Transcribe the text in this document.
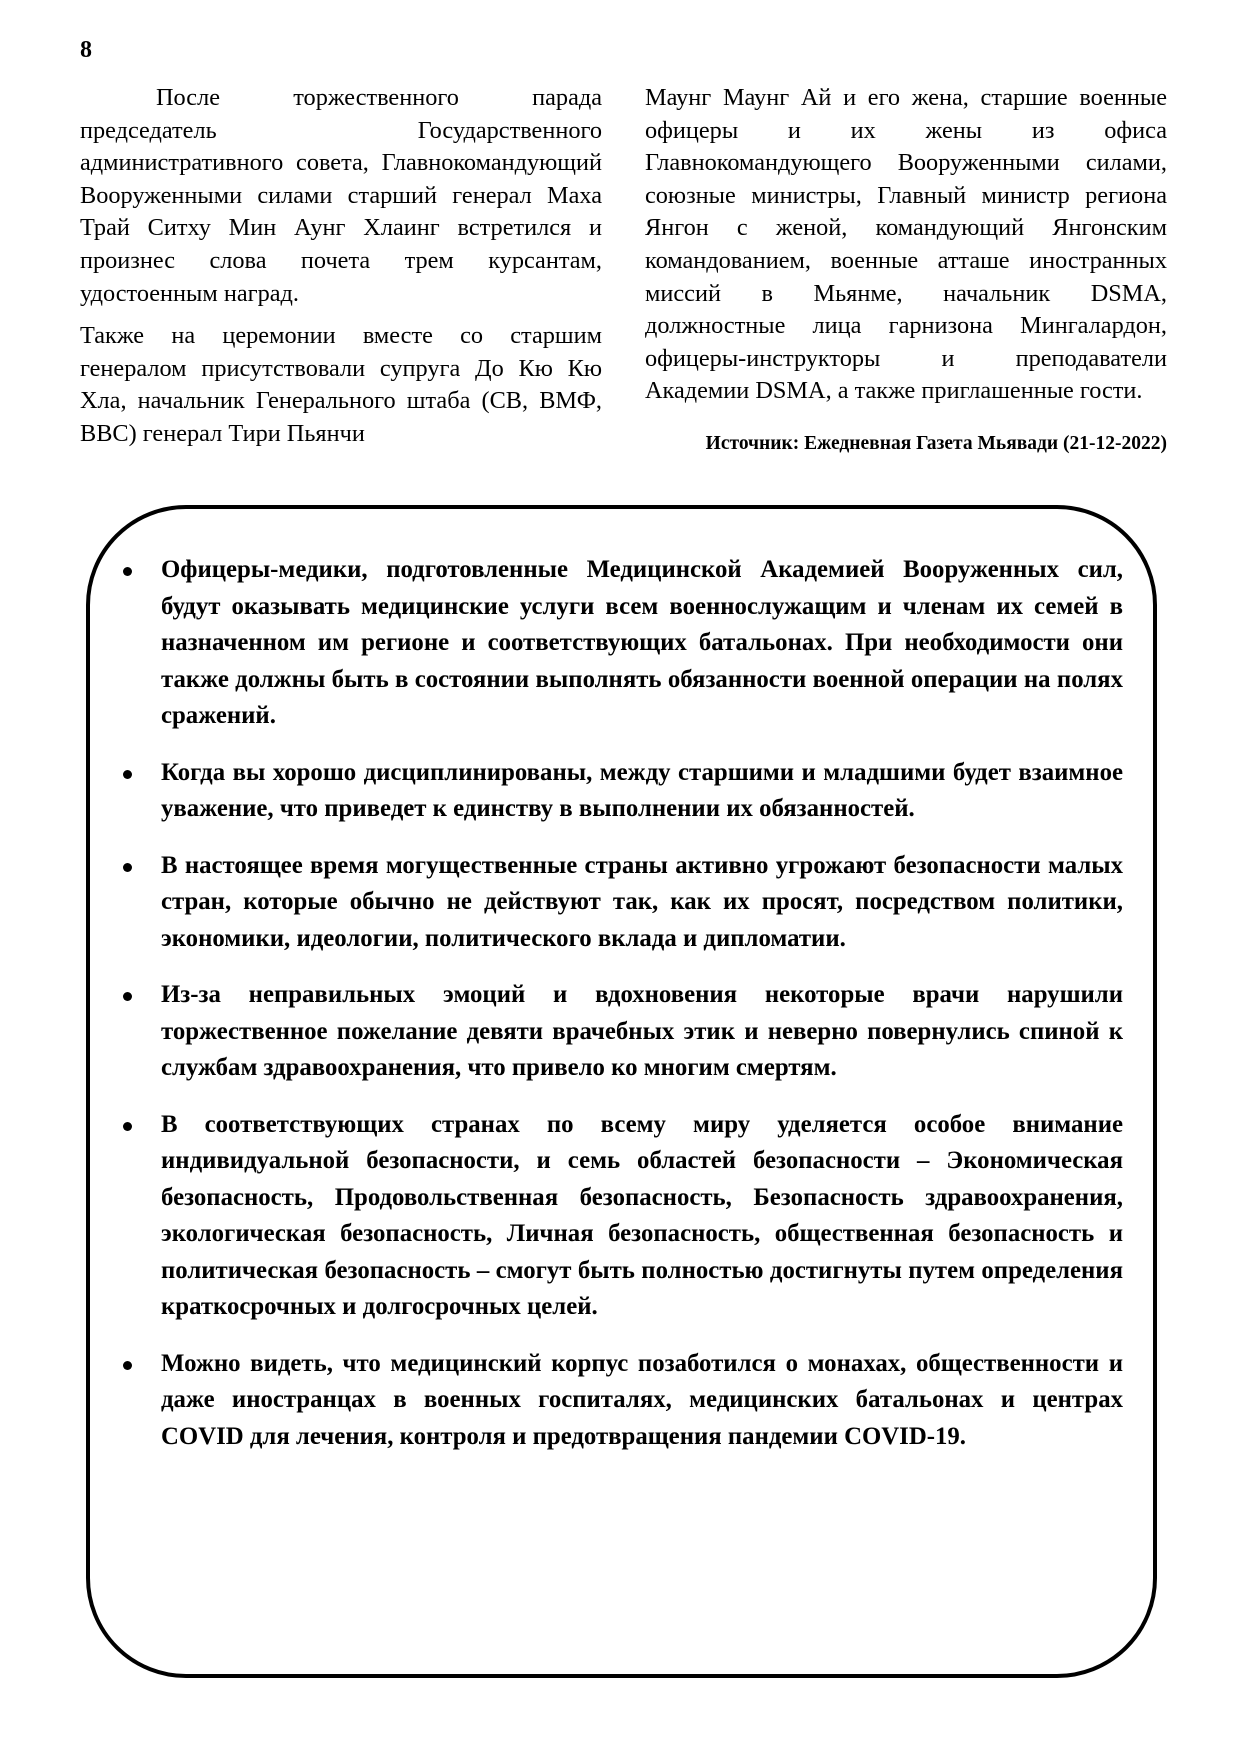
8

После торжественного парада председатель Государственного административного совета, Главнокомандующий Вооруженными силами старший генерал Маха Трай Ситху Мин Аунг Хлаинг встретился и произнес слова почета трем курсантам, удостоенным наград.

Также на церемонии вместе со старшим генералом присутствовали супруга До Кю Кю Хла, начальник Генерального штаба (СВ, ВМФ, ВВС) генерал Тири Пьянчи

Маунг Маунг Ай и его жена, старшие военные офицеры и их жены из офиса Главнокомандующего Вооруженными силами, союзные министры, Главный министр региона Янгон с женой, командующий Янгонским командованием, военные атташе иностранных миссий в Мьянме, начальник DSMA, должностные лица гарнизона Мингалардон, офицеры-инструкторы и преподаватели Академии DSMA, а также приглашенные гости.

Источник: Ежедневная Газета Мьявади (21-12-2022)
Офицеры-медики, подготовленные Медицинской Академией Вооруженных сил, будут оказывать медицинские услуги всем военнослужащим и членам их семей в назначенном им регионе и соответствующих батальонах. При необходимости они также должны быть в состоянии выполнять обязанности военной операции на полях сражений.
Когда вы хорошо дисциплинированы, между старшими и младшими будет взаимное уважение, что приведет к единству в выполнении их обязанностей.
В настоящее время могущественные страны активно угрожают безопасности малых стран, которые обычно не действуют так, как их просят, посредством политики, экономики, идеологии, политического вклада и дипломатии.
Из-за неправильных эмоций и вдохновения некоторые врачи нарушили торжественное пожелание девяти врачебных этик и неверно повернулись спиной к службам здравоохранения, что привело ко многим смертям.
В соответствующих странах по всему миру уделяется особое внимание индивидуальной безопасности, и семь областей безопасности – Экономическая безопасность, Продовольственная безопасность, Безопасность здравоохранения, экологическая безопасность, Личная безопасность, общественная безопасность и политическая безопасность – смогут быть полностью достигнуты путем определения краткосрочных и долгосрочных целей.
Можно видеть, что медицинский корпус позаботился о монахах, общественности и даже иностранцах в военных госпиталях, медицинских батальонах и центрах COVID для лечения, контроля и предотвращения пандемии COVID-19.
